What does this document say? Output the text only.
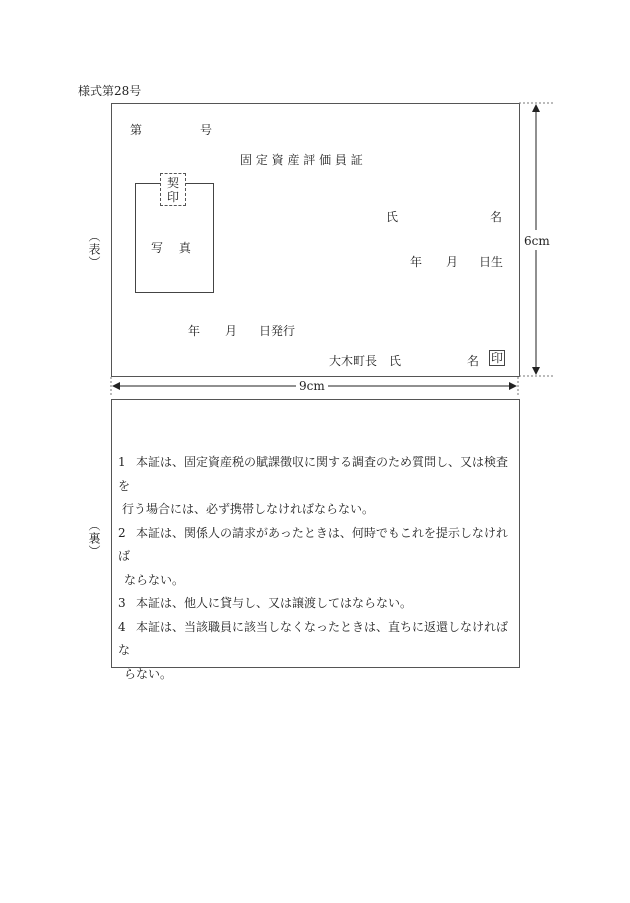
様式第28号
（表）
（裏）
第	号
固 定 資 産 評 価 員 証
写　 真
契
印
氏	名
年 月 日生
年 月 日発行
大木町長　氏	名 印

1 本証は、固定資産税の賦課徴収に関する調査のため質問し、又は検査を

行う場合には、必ず携帯しなければならない。

2 本証は、関係人の請求があったときは、何時でもこれを提示しなければ

ならない。

3 本証は、他人に貸与し、又は譲渡してはならない。

4 本証は、当該職員に該当しなくなったときは、直ちに返還しなければな

らない。

6cm
9cm
